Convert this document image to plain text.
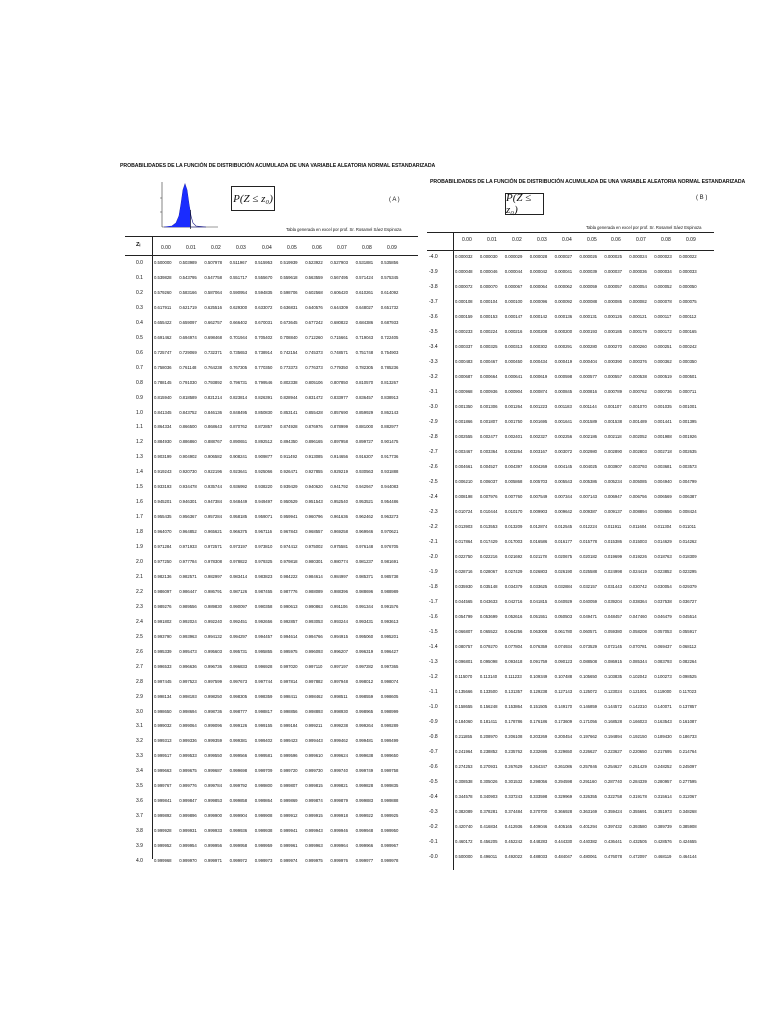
PROBABILIDADES DE LA FUNCIÓN DE DISTRIBUCIÓN ACUMULADA DE UNA VARIABLE ALEATORIA NORMAL ESTANDARIZADA
P(Z ≤ z₀)	( A )
Tabla generada en excel por prof. Sr. Rosamel Sáez Espinoza
Zᵢ	0.00	0.01	0.02	0.03	0.04	0.05	0.06	0.07	0.08	0.09
0.0	0.500000 0.503989 0.507978 0.511967 0.515953 0.519939 0.523922 0.527903 0.531881 0.535856
0.1	0.539828 0.543795 0.547758 0.551717 0.555670 0.559618 0.563559 0.567495 0.571424 0.575345
0.2	0.579260 0.583166 0.587064 0.590954 0.594835 0.598706 0.602568 0.606420 0.610261 0.614092
0.3	0.617911 0.621719 0.625516 0.629300 0.633072 0.636831 0.640576 0.644309 0.648027 0.651732
0.4	0.655422 0.659097 0.662757 0.666402 0.670031 0.673645 0.677242 0.680822 0.684386 0.687933
0.5	0.691462 0.694974 0.698468 0.701944 0.705402 0.708840 0.712260 0.715661 0.719043 0.722405
0.6	0.725747 0.729069 0.732371 0.735653 0.738914 0.742154 0.745373 0.748571 0.751748 0.754903
0.7	0.758036 0.761148 0.764238 0.767305 0.770350 0.773373 0.776373 0.779350 0.782305 0.785236
0.8	0.788145 0.791030 0.793892 0.796731 0.799546 0.802338 0.805106 0.807850 0.810570 0.813267
0.9	0.815940 0.818589 0.821214 0.823814 0.826391 0.828944 0.831472 0.833977 0.836457 0.838913
1.0	0.841345 0.843752 0.846136 0.848495 0.850830 0.853141 0.855428 0.857690 0.859929 0.862143
1.1	0.864334 0.866500 0.868643 0.870762 0.872857 0.874928 0.876976 0.878999 0.881000 0.882977
1.2	0.884930 0.886860 0.888767 0.890651 0.892512 0.894350 0.896165 0.897958 0.899727 0.901475
1.3	0.903199 0.904902 0.906582 0.908241 0.909877 0.911492 0.913085 0.914656 0.916207 0.917736
1.4	0.919243 0.920730 0.922196 0.923641 0.925066 0.926471 0.927855 0.929219 0.930563 0.931888
1.5	0.933193 0.934478 0.935744 0.936992 0.938220 0.939429 0.940620 0.941792 0.942947 0.944083
1.6	0.945201 0.946301 0.947384 0.948449 0.949497 0.950529 0.951543 0.952540 0.953521 0.954486
1.7	0.955435 0.956367 0.957284 0.958185 0.959071 0.959941 0.960796 0.961636 0.962462 0.963273
1.8	0.964070 0.964852 0.965621 0.966375 0.967116 0.967843 0.968557 0.969258 0.969946 0.970621
1.9	0.971284 0.971933 0.972571 0.973197 0.973810 0.974412 0.975002 0.975581 0.976148 0.976705
2.0	0.977250 0.977784 0.978308 0.978822 0.979325 0.979818 0.980301 0.980774 0.981237 0.981691
2.1	0.982136 0.982571 0.982997 0.983414 0.983823 0.984222 0.984614 0.984997 0.985371 0.985738
2.2	0.986097 0.986447 0.986791 0.987126 0.987455 0.987776 0.988089 0.988396 0.988696 0.988989
2.3	0.989276 0.989556 0.989830 0.990097 0.990358 0.990613 0.990863 0.991106 0.991344 0.991576
2.4	0.991802 0.992024 0.992240 0.992451 0.992656 0.992857 0.993053 0.993244 0.993431 0.993613
2.5	0.993790 0.993963 0.994132 0.994297 0.994457 0.994614 0.994766 0.994915 0.995060 0.995201
2.6	0.995339 0.995473 0.995603 0.995731 0.995855 0.995975 0.996093 0.996207 0.996319 0.996427
2.7	0.996533 0.996636 0.996736 0.996833 0.996928 0.997020 0.997110 0.997197 0.997282 0.997365
2.8	0.997445 0.997523 0.997599 0.997673 0.997744 0.997814 0.997882 0.997948 0.998012 0.998074
2.9	0.998134 0.998193 0.998250 0.998305 0.998359 0.998411 0.998462 0.998511 0.998559 0.998605
3.0	0.998650 0.998694 0.998736 0.998777 0.998817 0.998856 0.998893 0.998930 0.998965 0.998999
3.1	0.999032 0.999064 0.999096 0.999126 0.999155 0.999184 0.999211 0.999238 0.999264 0.999289
3.2	0.999313 0.999336 0.999359 0.999381 0.999402 0.999423 0.999443 0.999462 0.999481 0.999499
3.3	0.999517 0.999533 0.999550 0.999566 0.999581 0.999596 0.999610 0.999624 0.999638 0.999650
3.4	0.999663 0.999675 0.999687 0.999698 0.999709 0.999720 0.999730 0.999740 0.999749 0.999758
3.5	0.999767 0.999776 0.999784 0.999792 0.999800 0.999807 0.999815 0.999821 0.999828 0.999835
3.6	0.999841 0.999847 0.999853 0.999858 0.999864 0.999869 0.999874 0.999879 0.999883 0.999888
3.7	0.999892 0.999896 0.999900 0.999904 0.999908 0.999912 0.999915 0.999918 0.999922 0.999925
3.8	0.999928 0.999931 0.999933 0.999936 0.999938 0.999941 0.999943 0.999946 0.999948 0.999950
3.9	0.999952 0.999954 0.999956 0.999958 0.999959 0.999961 0.999963 0.999964 0.999966 0.999967
4.0	0.999968 0.999970 0.999971 0.999972 0.999973 0.999974 0.999975 0.999976 0.999977 0.999978
PROBABILIDADES DE LA FUNCIÓN DE DISTRIBUCIÓN ACUMULADA DE UNA VARIABLE ALEATORIA NORMAL ESTANDARIZADA
P(Z ≤ z₀)
( B )
Tabla generada en excel por prof. Sr. Rosamel Sáez Espinoza
0.00	0.01	0.02	0.03	0.04	0.05	0.06	0.07	0.08	0.09
-4.0	0.000032 0.000030 0.000029 0.000028 0.000027 0.000026 0.000025 0.000024 0.000023 0.000022
-3.9	0.000048 0.000046 0.000044 0.000042 0.000041 0.000039 0.000037 0.000036 0.000034 0.000033
-3.8	0.000072 0.000070 0.000067 0.000064 0.000062 0.000059 0.000057 0.000054 0.000052 0.000050
-3.7	0.000108 0.000104 0.000100 0.000096 0.000092 0.000088 0.000085 0.000082 0.000078 0.000075
-3.6	0.000159 0.000153 0.000147 0.000142 0.000136 0.000131 0.000126 0.000121 0.000117 0.000112
-3.5	0.000233 0.000224 0.000216 0.000208 0.000200 0.000193 0.000185 0.000179 0.000172 0.000165
-3.4	0.000337 0.000325 0.000313 0.000302 0.000291 0.000280 0.000270 0.000260 0.000251 0.000242
-3.3	0.000483 0.000467 0.000450 0.000434 0.000419 0.000404 0.000390 0.000376 0.000362 0.000350
-3.2	0.000687 0.000664 0.000641 0.000619 0.000598 0.000577 0.000557 0.000538 0.000519 0.000501
-3.1	0.000968 0.000936 0.000904 0.000874 0.000845 0.000816 0.000789 0.000762 0.000736 0.000711
-3.0	0.001350 0.001306 0.001264 0.001223 0.001183 0.001144 0.001107 0.001070 0.001035 0.001001
-2.9	0.001866 0.001807 0.001750 0.001695 0.001641 0.001589 0.001538 0.001489 0.001441 0.001395
-2.8	0.002555 0.002477 0.002401 0.002327 0.002256 0.002186 0.002118 0.002052 0.001988 0.001926
-2.7	0.003467 0.003364 0.003264 0.003167 0.003072 0.002980 0.002890 0.002803 0.002718 0.002635
-2.6	0.004661 0.004527 0.004397 0.004269 0.004145 0.004025 0.003907 0.003793 0.003681 0.003573
-2.5	0.006210 0.006037 0.005868 0.005703 0.005543 0.005386 0.005234 0.005085 0.004940 0.004799
-2.4	0.008198 0.007976 0.007760 0.007549 0.007344 0.007143 0.006947 0.006756 0.006569 0.006387
-2.3	0.010724 0.010444 0.010170 0.009903 0.009642 0.009387 0.009137 0.008894 0.008656 0.008424
-2.2	0.013903 0.013553 0.013209 0.012874 0.012545 0.012224 0.011911 0.011604 0.011304 0.011011
-2.1	0.017864 0.017429 0.017003 0.016586 0.016177 0.015778 0.015386 0.015003 0.014629 0.014262
-2.0	0.022750 0.022216 0.021692 0.021178 0.020675 0.020182 0.019699 0.019226 0.018763 0.018309
-1.9	0.028716 0.028067 0.027429 0.026803 0.026190 0.025588 0.024998 0.024419 0.023852 0.023295
-1.8	0.035930 0.035148 0.034379 0.033625 0.032884 0.032157 0.031443 0.030742 0.030054 0.029379
-1.7	0.044565 0.043633 0.042716 0.041815 0.040929 0.040059 0.039204 0.038364 0.037538 0.036727
-1.6	0.054799 0.053699 0.052616 0.051551 0.050503 0.049471 0.048457 0.047460 0.046479 0.045514
-1.5	0.066807 0.065522 0.064256 0.063008 0.061780 0.060571 0.059380 0.058208 0.057053 0.055917
-1.4	0.080757 0.079270 0.077804 0.076359 0.074934 0.073529 0.072145 0.070781 0.069437 0.068112
-1.3	0.096801 0.095098 0.093418 0.091759 0.090123 0.088508 0.086915 0.085344 0.083793 0.082264
-1.2	0.115070 0.113140 0.111233 0.109349 0.107488 0.105650 0.103835 0.102042 0.100273 0.098525
-1.1	0.135666 0.133500 0.131357 0.129238 0.127143 0.125072 0.123024 0.121001 0.119000 0.117023
-1.0	0.158655 0.156248 0.153864 0.151505 0.149170 0.146859 0.144572 0.142310 0.140071 0.137857
-0.9	0.184060 0.181411 0.178786 0.176186 0.173609 0.171056 0.168528 0.166023 0.163543 0.161087
-0.8	0.211855 0.208970 0.206108 0.203269 0.200454 0.197662 0.194894 0.192150 0.189430 0.186733
-0.7	0.241964 0.238852 0.235762 0.232695 0.229650 0.226627 0.223627 0.220650 0.217695 0.214764
-0.6	0.274253 0.270931 0.267629 0.264347 0.261086 0.257846 0.254627 0.251429 0.248252 0.245097
-0.5	0.308538 0.305026 0.301532 0.298056 0.294598 0.291160 0.287740 0.284339 0.280957 0.277595
-0.4	0.344578 0.340903 0.337243 0.333598 0.329969 0.326355 0.322758 0.319178 0.315614 0.312067
-0.3	0.382089 0.378281 0.374484 0.370700 0.366928 0.363169 0.359424 0.355691 0.351973 0.348268
-0.2	0.420740 0.416834 0.412936 0.409046 0.405165 0.401294 0.397432 0.393580 0.389739 0.385908
-0.1	0.460172 0.456205 0.452242 0.448283 0.444330 0.440382 0.436441 0.432505 0.428576 0.424655
-0.0	0.500000 0.496011 0.492022 0.488033 0.484047 0.480061 0.476078 0.472097 0.468119 0.464144
